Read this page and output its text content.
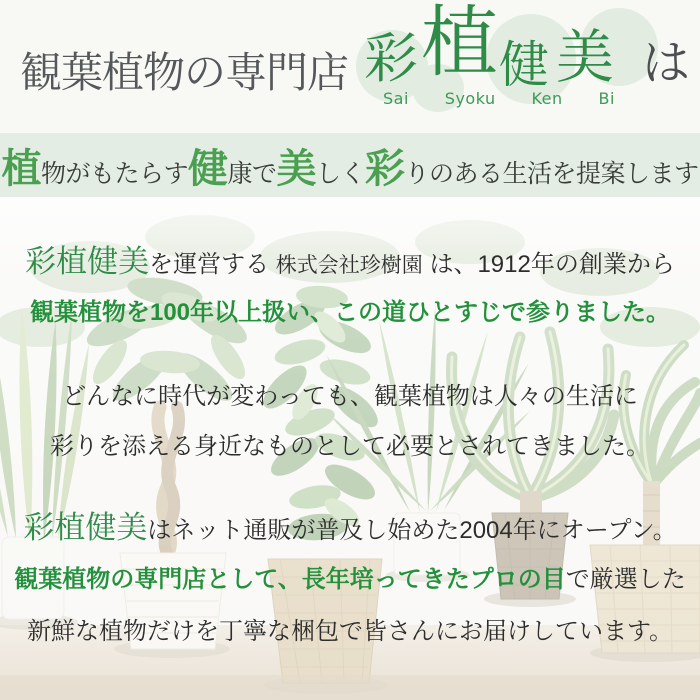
観葉植物の専門店 彩 植 健 美 は
Sai Syoku Ken Bi
植物がもたらす健康で美しく彩りのある生活を提案します
彩植健美を運営する 株式会社珍樹園 は、1912年の創業から
観葉植物を100年以上扱い、この道ひとすじで参りました。
どんなに時代が変わっても、観葉植物は人々の生活に
彩りを添える身近なものとして必要とされてきました。
彩植健美はネット通販が普及し始めた2004年にオープン。
観葉植物の専門店として、長年培ってきたプロの目で厳選した
新鮮な植物だけを丁寧な梱包で皆さんにお届けしています。
